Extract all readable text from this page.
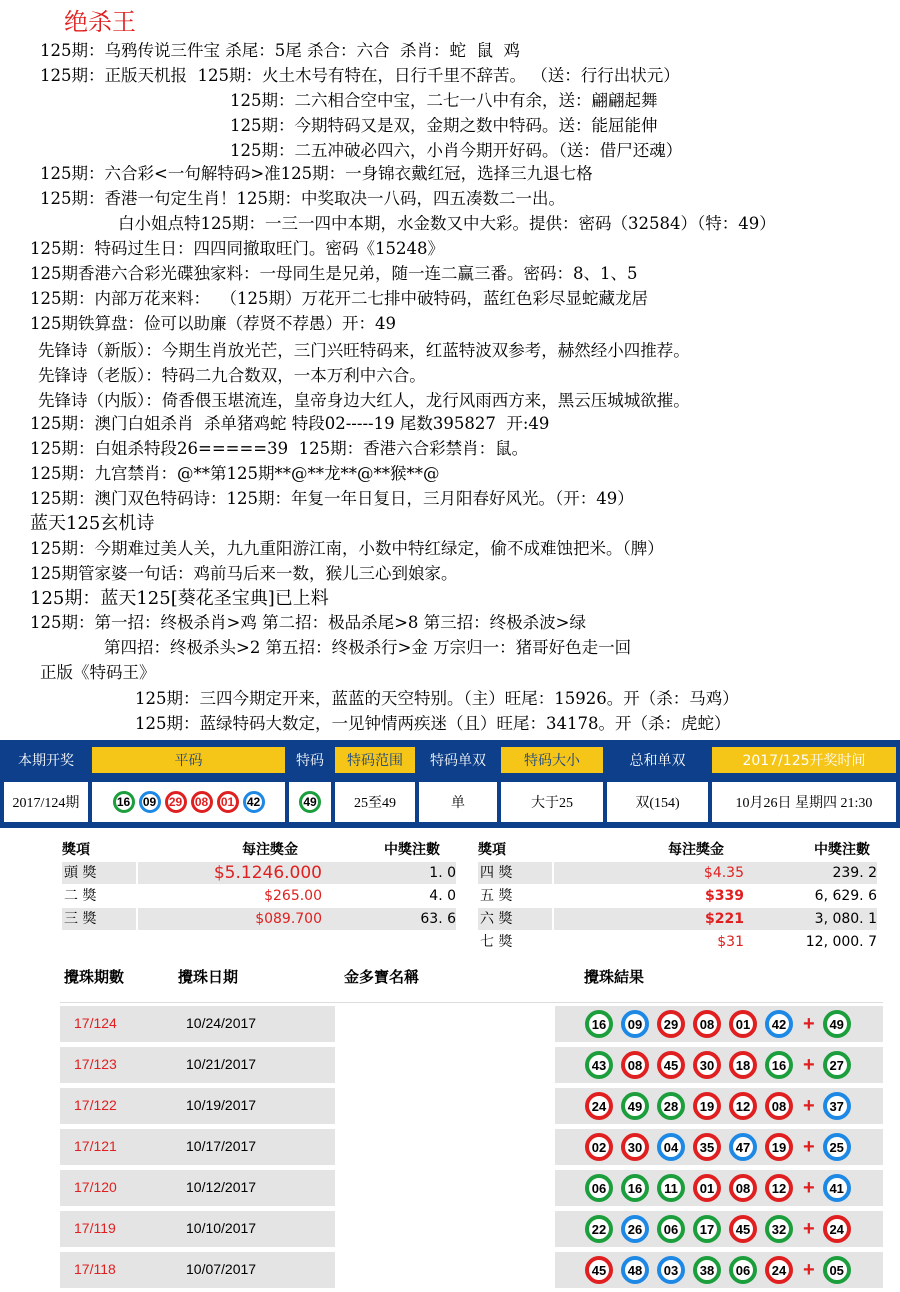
绝杀王
125期：乌鸦传说三件宝 杀尾：5尾 杀合：六合  杀肖：蛇  鼠  鸡
125期：正版天机报  125期：火土木号有特在，日行千里不辞苦。 （送：行行出状元）
125期：二六相合空中宝，二七一八中有余，送：翩翩起舞
125期：今期特码又是双，金期之数中特码。送：能屈能伸
125期：二五冲破必四六，小肖今期开好码。（送：借尸还魂）
125期：六合彩<一句解特码>准125期：一身锦衣戴红冠，选择三九退七格
125期：香港一句定生肖！125期：中奖取决一八码，四五凑数二一出。
白小姐点特125期：一三一四中本期，水金数又中大彩。提供：密码（32584）（特：49）
125期：特码过生日：四四同撤取旺门。密码《15248》
125期香港六合彩光碟独家料：一母同生是兄弟，随一连二赢三番。密码：8、1、5
125期：内部万花来料：  （125期）万花开二七排中破特码，蓝红色彩尽显蛇藏龙居
125期铁算盘：俭可以助廉（荐贤不荐愚）开：49
先锋诗（新版）：今期生肖放光芒，三门兴旺特码来，红蓝特波双参考，赫然经小四推荐。
先锋诗（老版）：特码二九合数双，一本万利中六合。
先锋诗（内版）：倚香偎玉堪流连，皇帝身边大红人，龙行风雨西方来，黑云压城城欲摧。
125期：澳门白姐杀肖  杀单猪鸡蛇 特段02-----19 尾数395827  开:49
125期：白姐杀特段26=====39  125期：香港六合彩禁肖：鼠。
125期：九宫禁肖：@**第125期**@**龙**@**猴**@
125期：澳门双色特码诗：125期：年复一年日复日，三月阳春好风光。（开：49）
蓝天125玄机诗
125期：今期难过美人关，九九重阳游江南，小数中特红绿定，偷不成难蚀把米。（脾）
125期管家婆一句话：鸡前马后来一数，猴儿三心到娘家。
125期：蓝天125[葵花圣宝典]已上料
125期：第一招：终极杀肖>鸡 第二招：极品杀尾>8 第三招：终极杀波>绿
第四招：终极杀头>2 第五招：终极杀行>金 万宗归一：猪哥好色走一回
正版《特码王》
125期：三四今期定开来，蓝蓝的天空特别。（主）旺尾：15926。开（杀：马鸡）
125期：蓝绿特码大数定，一见钟情两疾迷（且）旺尾：34178。开（杀：虎蛇）
本期开奖	平码	特码	特码范围	特码单双	特码大小	总和单双	2017/125开奖时间
2017/124期	16	09	29	08	01	42	49	25至49	单	大于25	双(154)	10月26日 星期四 21:30
獎項	每注獎金	中獎注數
頭 獎	$5.1246.000	1. 0
二 獎	$265.00	4. 0
三 獎	$089.700	63. 6
獎項	每注獎金	中獎注數
四 獎	$4.35	239. 2
五 獎	$339	6, 629. 6
六 獎	$221	3, 080. 1
七 獎	$31	12, 000. 7
攪珠期數	攪珠日期	金多寶名稱	攪珠結果
17/124	10/24/2017	16	09	29	08	01	42 +	49
17/123	10/21/2017	43	08	45	30	18	16 +	27
17/122	10/19/2017	24	49	28	19	12	08 +	37
17/121	10/17/2017	02	30	04	35	47	19 +	25
17/120	10/12/2017	06	16	11	01	08	12 +	41
17/119	10/10/2017	22	26	06	17	45	32 +	24
17/118	10/07/2017	45	48	03	38	06	24 +	05
